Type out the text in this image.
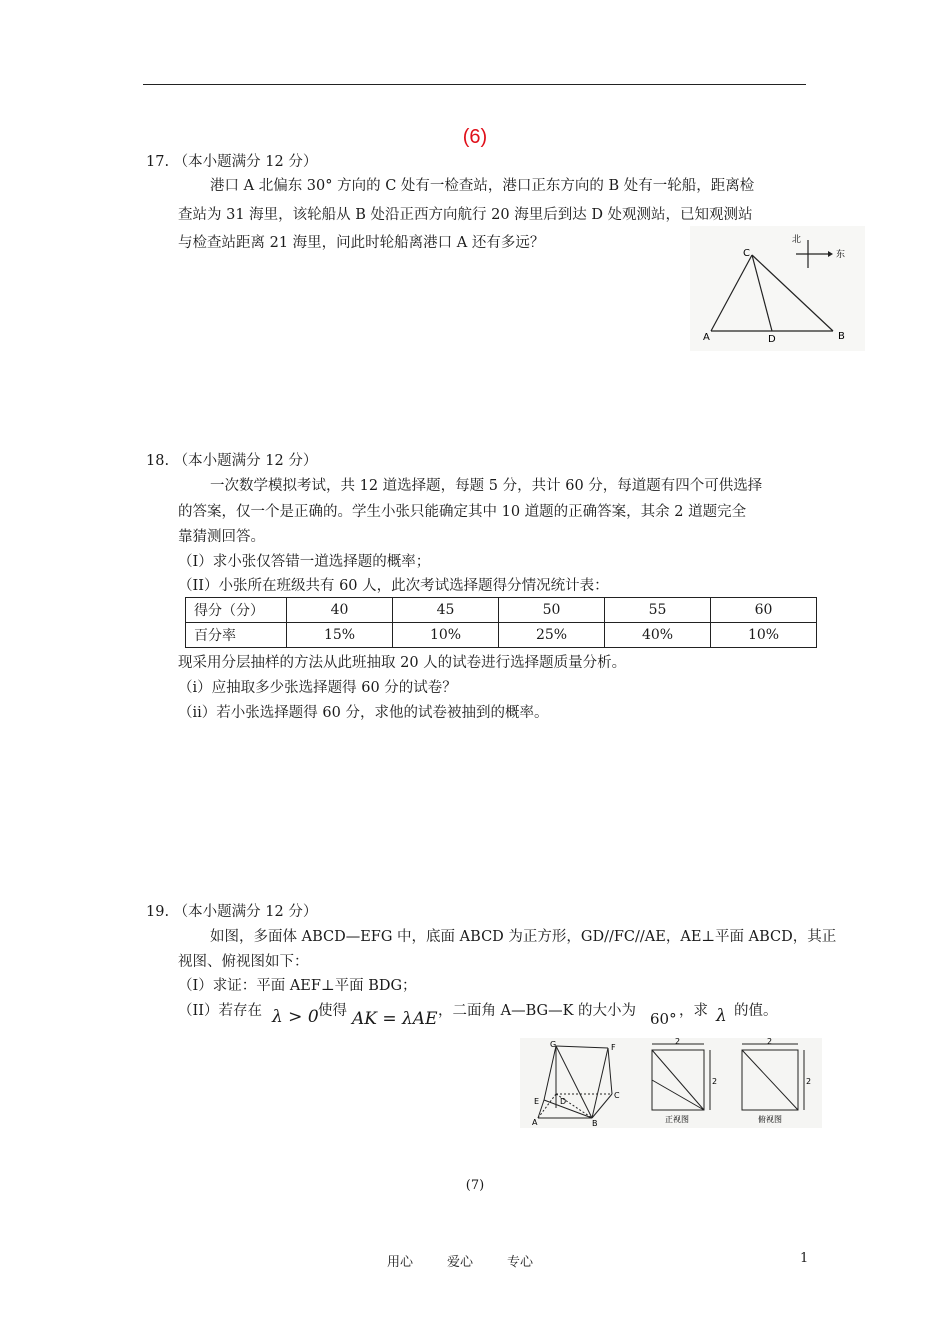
(6)
17. （本小题满分 12 分）
港口 A 北偏东 30° 方向的 C 处有一检查站，港口正东方向的 B 处有一轮船，距离检
查站为 31 海里，该轮船从 B 处沿正西方向航行 20 海里后到达 D 处观测站，已知观测站
与检查站距离 21 海里，问此时轮船离港口 A 还有多远？
C
A	D	B
北
东
18. （本小题满分 12 分）
一次数学模拟考试，共 12 道选择题，每题 5 分，共计 60 分，每道题有四个可供选择
的答案，仅一个是正确的。学生小张只能确定其中 10 道题的正确答案，其余 2 道题完全
靠猜测回答。
（I）求小张仅答错一道选择题的概率；
（II）小张所在班级共有 60 人，此次考试选择题得分情况统计表：
得分（分）	40	45	50	55	60
百分率	15%	10%	25%	40%	10%
现采用分层抽样的方法从此班抽取 20 人的试卷进行选择题质量分析。
（i）应抽取多少张选择题得 60 分的试卷？
（ii）若小张选择题得 60 分，求他的试卷被抽到的概率。
19. （本小题满分 12 分）
如图，多面体 ABCD—EFG 中，底面 ABCD 为正方形，GD//FC//AE，AE⊥平面 ABCD，其正
视图、俯视图如下：
（I）求证：平面 AEF⊥平面 BDG；
（II）若存在 λ > 0 使得 AK = λAE ，二面角 A—BG—K 的大小为 60° ，求 λ 的值。
G	F
E	D
C
A	B
2
2
正视图
2
2
俯视图
(7)
用心	爱心	专心	1
